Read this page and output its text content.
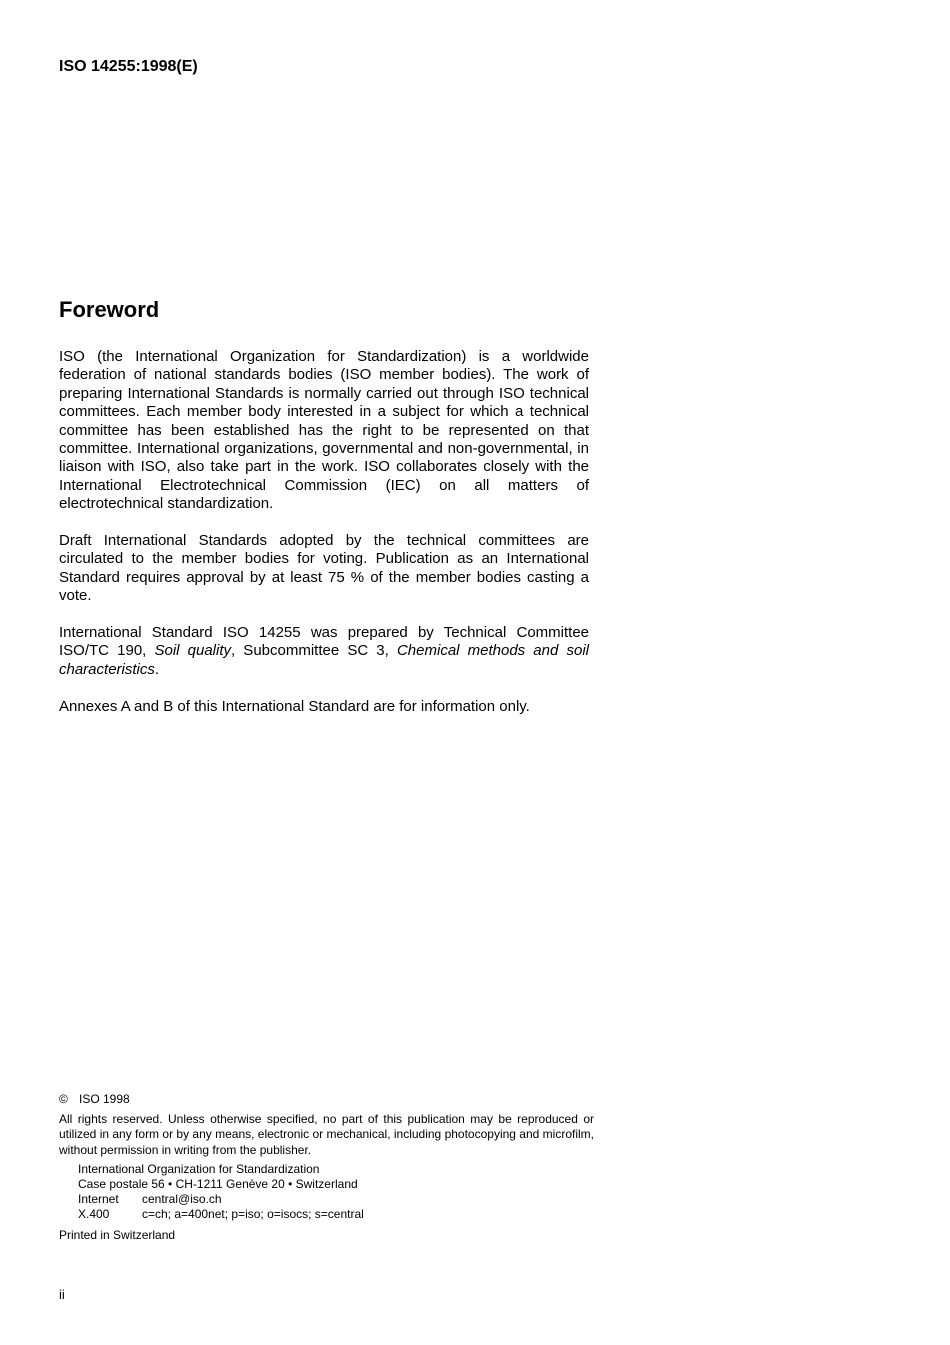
ISO 14255:1998(E)
Foreword

ISO (the International Organization for Standardization) is a worldwide federation of national standards bodies (ISO member bodies). The work of preparing International Standards is normally carried out through ISO technical committees. Each member body interested in a subject for which a technical committee has been established has the right to be represented on that committee. International organizations, governmental and non-governmental, in liaison with ISO, also take part in the work. ISO collaborates closely with the International Electrotechnical Commission (IEC) on all matters of electrotechnical standardization.

Draft International Standards adopted by the technical committees are circulated to the member bodies for voting. Publication as an International Standard requires approval by at least 75 % of the member bodies casting a vote.

International Standard ISO 14255 was prepared by Technical Committee ISO/TC 190, Soil quality, Subcommittee SC 3, Chemical methods and soil characteristics.

Annexes A and B of this International Standard are for information only.

© ISO 1998
All rights reserved. Unless otherwise specified, no part of this publication may be reproduced or utilized in any form or by any means, electronic or mechanical, including photocopying and microfilm, without permission in writing from the publisher.
International Organization for Standardization
Case postale 56 • CH-1211 Genève 20 • Switzerland
Internet central@iso.ch
X.400	c=ch; a=400net; p=iso; o=isocs; s=central
Printed in Switzerland
ii
